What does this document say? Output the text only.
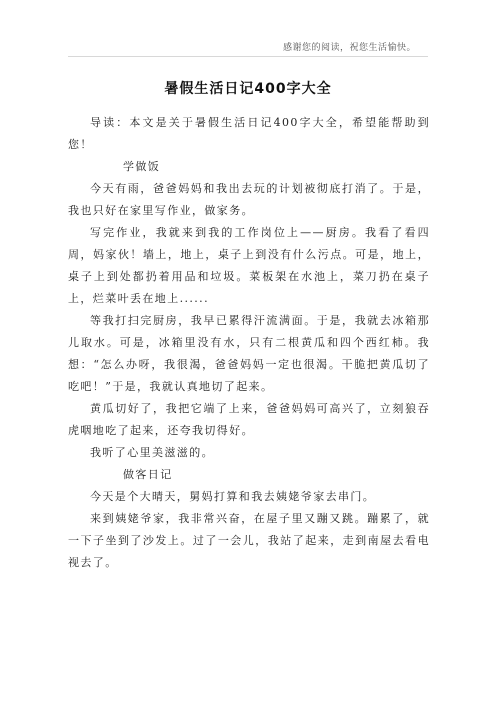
感谢您的阅读，祝您生活愉快。
暑假生活日记400字大全

导读：本文是关于暑假生活日记400字大全，希望能帮助到您！

学做饭

今天有雨，爸爸妈妈和我出去玩的计划被彻底打消了。于是，我也只好在家里写作业，做家务。

写完作业，我就来到我的工作岗位上——厨房。我看了看四周，妈家伙！墙上，地上，桌子上到没有什么污点。可是，地上，桌子上到处都扔着用品和垃圾。菜板架在水池上，菜刀扔在桌子上，烂菜叶丢在地上......

等我打扫完厨房，我早已累得汗流满面。于是，我就去冰箱那儿取水。可是，冰箱里没有水，只有二根黄瓜和四个西红柿。我想：“怎么办呀，我很渴，爸爸妈妈一定也很渴。干脆把黄瓜切了吃吧！”于是，我就认真地切了起来。

黄瓜切好了，我把它端了上来，爸爸妈妈可高兴了，立刻狼吞虎咽地吃了起来，还夸我切得好。

我听了心里美滋滋的。

做客日记

今天是个大晴天，舅妈打算和我去姨姥爷家去串门。

来到姨姥爷家，我非常兴奋，在屋子里又蹦又跳。蹦累了，就一下子坐到了沙发上。过了一会儿，我站了起来，走到南屋去看电视去了。
